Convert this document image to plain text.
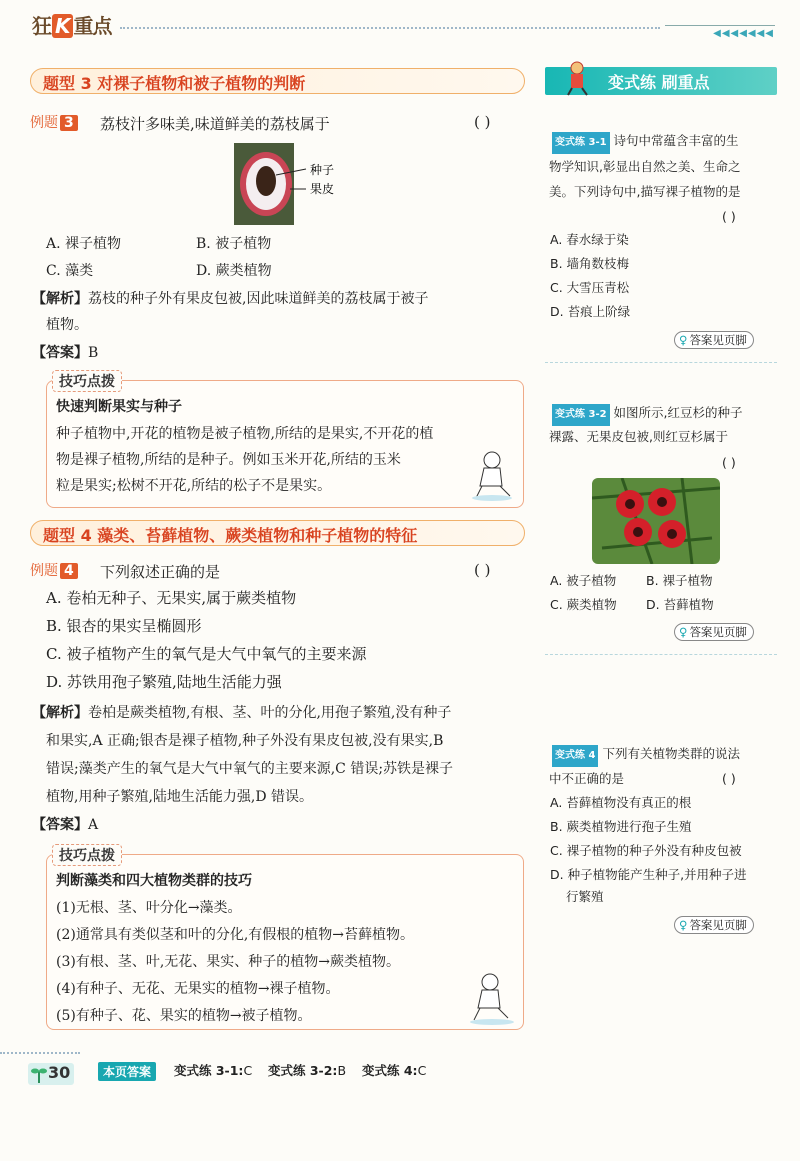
狂 K 重点	◀◀◀◀◀◀◀
题型 3 对裸子植物和被子植物的判断
例题 3 荔枝汁多味美,味道鲜美的荔枝属于	( )
种子
果皮
A. 裸子植物	B. 被子植物
C. 藻类	D. 蕨类植物
【解析】荔枝的种子外有果皮包被,因此味道鲜美的荔枝属于被子
植物。
【答案】B
技巧点拨
快速判断果实与种子
种子植物中,开花的植物是被子植物,所结的是果实,不开花的植
物是裸子植物,所结的是种子。例如玉米开花,所结的玉米
粒是果实;松树不开花,所结的松子不是果实。
题型 4 藻类、苔藓植物、蕨类植物和种子植物的特征
例题 4 下列叙述正确的是	( )
A. 卷柏无种子、无果实,属于蕨类植物
B. 银杏的果实呈椭圆形
C. 被子植物产生的氧气是大气中氧气的主要来源
D. 苏铁用孢子繁殖,陆地生活能力强
【解析】卷柏是蕨类植物,有根、茎、叶的分化,用孢子繁殖,没有种子
和果实,A 正确;银杏是裸子植物,种子外没有果皮包被,没有果实,B
错误;藻类产生的氧气是大气中氧气的主要来源,C 错误;苏铁是裸子
植物,用种子繁殖,陆地生活能力强,D 错误。
【答案】A
技巧点拨
判断藻类和四大植物类群的技巧
(1)无根、茎、叶分化→藻类。
(2)通常具有类似茎和叶的分化,有假根的植物→苔藓植物。
(3)有根、茎、叶,无花、果实、种子的植物→蕨类植物。
(4)有种子、无花、无果实的植物→裸子植物。
(5)有种子、花、果实的植物→被子植物。
变式练 刷重点
变式练 3-1 诗句中常蕴含丰富的生
物学知识,彰显出自然之美、生命之
美。下列诗句中,描写裸子植物的是
( )
A. 春水绿于染
B. 墙角数枝梅
C. 大雪压青松
D. 苔痕上阶绿
♀ 答案见页脚
变式练 3-2 如图所示,红豆杉的种子
裸露、无果皮包被,则红豆杉属于
( )
A. 被子植物 B. 裸子植物
C. 蕨类植物 D. 苔藓植物
♀ 答案见页脚
变式练 4 下列有关植物类群的说法
中不正确的是	( )
A. 苔藓植物没有真正的根
B. 蕨类植物进行孢子生殖
C. 裸子植物的种子外没有种皮包被
D. 种子植物能产生种子,并用种子进
行繁殖
♀ 答案见页脚
30	本页答案	变式练 3-1:C 变式练 3-2:B 变式练 4:C
